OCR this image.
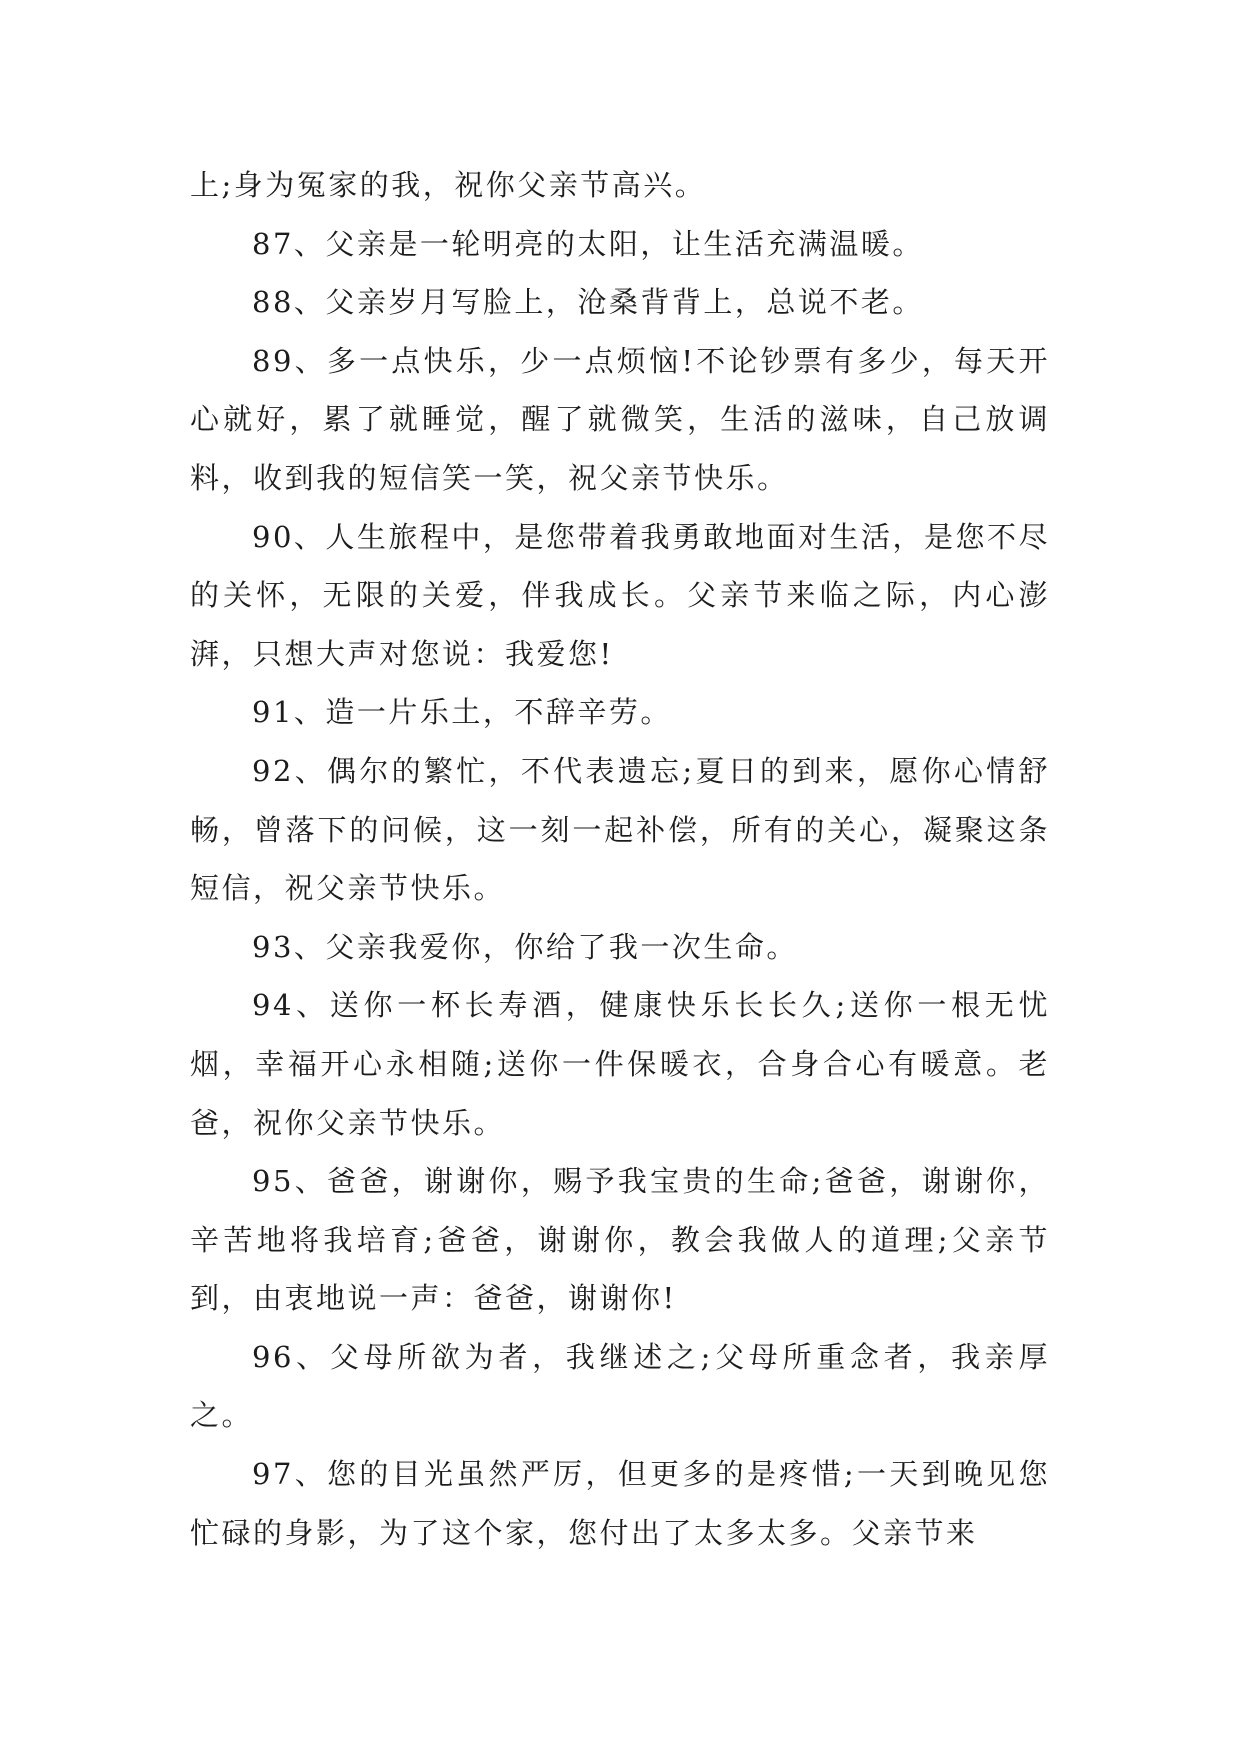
上;身为冤家的我，祝你父亲节高兴。

87、父亲是一轮明亮的太阳，让生活充满温暖。

88、父亲岁月写脸上，沧桑背背上，总说不老。

89、多一点快乐，少一点烦恼!不论钞票有多少，每天开心就好，累了就睡觉，醒了就微笑，生活的滋味，自己放调料，收到我的短信笑一笑，祝父亲节快乐。

90、人生旅程中，是您带着我勇敢地面对生活，是您不尽的关怀，无限的关爱，伴我成长。父亲节来临之际，内心澎湃，只想大声对您说：我爱您!

91、造一片乐土，不辞辛劳。

92、偶尔的繁忙，不代表遗忘;夏日的到来，愿你心情舒畅，曾落下的问候，这一刻一起补偿，所有的关心，凝聚这条短信，祝父亲节快乐。

93、父亲我爱你，你给了我一次生命。

94、送你一杯长寿酒，健康快乐长长久;送你一根无忧烟，幸福开心永相随;送你一件保暖衣，合身合心有暖意。老爸，祝你父亲节快乐。

95、爸爸，谢谢你，赐予我宝贵的生命;爸爸，谢谢你，辛苦地将我培育;爸爸，谢谢你，教会我做人的道理;父亲节到，由衷地说一声：爸爸，谢谢你!

96、父母所欲为者，我继述之;父母所重念者，我亲厚之。

97、您的目光虽然严厉，但更多的是疼惜;一天到晚见您忙碌的身影，为了这个家，您付出了太多太多。父亲节来
